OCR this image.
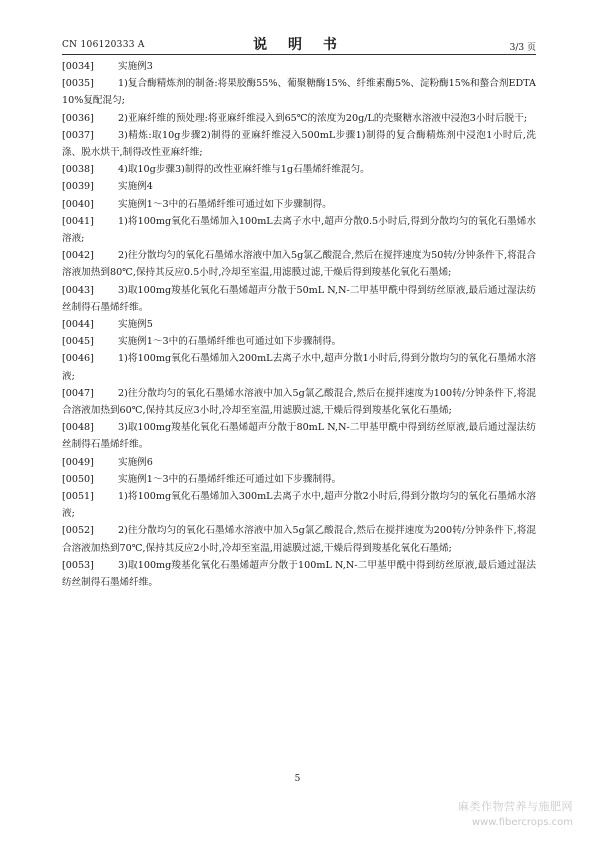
CN 106120333 A	说 明 书	3/3 页
[0034]	实施例3
[0035]	1)复合酶精炼剂的制备:将果胶酶55%、葡聚糖酶15%、纤维素酶5%、淀粉酶15%和螯合剂EDTA 10%复配混匀;
[0036]	2)亚麻纤维的预处理:将亚麻纤维浸入到65℃的浓度为20g/L的壳聚糖水溶液中浸泡3小时后脱干;
[0037]	3)精炼:取10g步骤2)制得的亚麻纤维浸入500mL步骤1)制得的复合酶精炼剂中浸泡1小时后,洗涤、脱水烘干,制得改性亚麻纤维;
[0038]	4)取10g步骤3)制得的改性亚麻纤维与1g石墨烯纤维混匀。
[0039]	实施例4
[0040]	实施例1～3中的石墨烯纤维可通过如下步骤制得。
[0041]	1)将100mg氧化石墨烯加入100mL去离子水中,超声分散0.5小时后,得到分散均匀的氧化石墨烯水溶液;
[0042]	2)往分散均匀的氧化石墨烯水溶液中加入5g氯乙酸混合,然后在搅拌速度为50转/分钟条件下,将混合溶液加热到80℃,保持其反应0.5小时,冷却至室温,用滤膜过滤,干燥后得到羧基化氧化石墨烯;
[0043]	3)取100mg羧基化氧化石墨烯超声分散于50mL N,N-二甲基甲酰中得到纺丝原液,最后通过湿法纺丝制得石墨烯纤维。
[0044]	实施例5
[0045]	实施例1～3中的石墨烯纤维也可通过如下步骤制得。
[0046]	1)将100mg氧化石墨烯加入200mL去离子水中,超声分散1小时后,得到分散均匀的氧化石墨烯水溶液;
[0047]	2)往分散均匀的氧化石墨烯水溶液中加入5g氯乙酸混合,然后在搅拌速度为100转/分钟条件下,将混合溶液加热到60℃,保持其反应3小时,冷却至室温,用滤膜过滤,干燥后得到羧基化氧化石墨烯;
[0048]	3)取100mg羧基化氧化石墨烯超声分散于80mL N,N-二甲基甲酰中得到纺丝原液,最后通过湿法纺丝制得石墨烯纤维。
[0049]	实施例6
[0050]	实施例1～3中的石墨烯纤维还可通过如下步骤制得。
[0051]	1)将100mg氧化石墨烯加入300mL去离子水中,超声分散2小时后,得到分散均匀的氧化石墨烯水溶液;
[0052]	2)往分散均匀的氧化石墨烯水溶液中加入5g氯乙酸混合,然后在搅拌速度为200转/分钟条件下,将混合溶液加热到70℃,保持其反应2小时,冷却至室温,用滤膜过滤,干燥后得到羧基化氧化石墨烯;
[0053]	3)取100mg羧基化氧化石墨烯超声分散于100mL N,N-二甲基甲酰中得到纺丝原液,最后通过湿法纺丝制得石墨烯纤维。
5
麻类作物营养与施肥网
www.fibercrops.com
